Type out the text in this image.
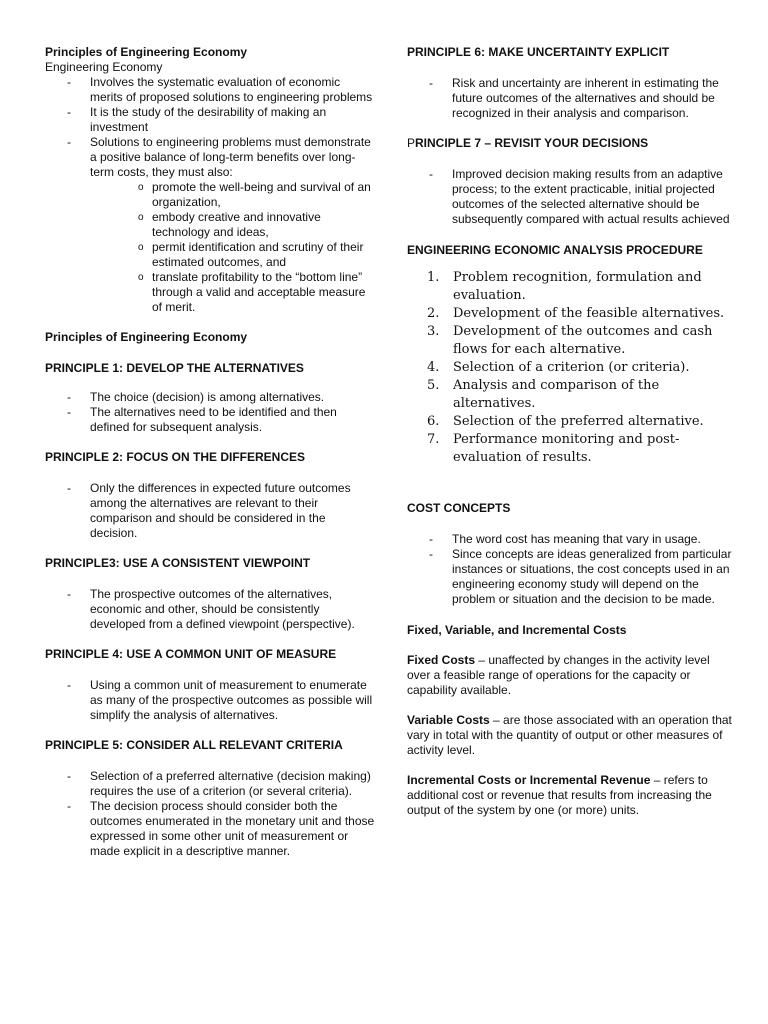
Principles of Engineering Economy

Engineering Economy

- Involves the systematic evaluation of economic merits of proposed solutions to engineering problems
- It is the study of the desirability of making an investment
- Solutions to engineering problems must demonstrate a positive balance of long-term benefits over long-term costs, they must also:
o promote the well-being and survival of an organization,
o embody creative and innovative technology and ideas,
o permit identification and scrutiny of their estimated outcomes, and
o translate profitability to the “bottom line” through a valid and acceptable measure of merit.

Principles of Engineering Economy

PRINCIPLE 1: DEVELOP THE ALTERNATIVES

- The choice (decision) is among alternatives.
- The alternatives need to be identified and then defined for subsequent analysis.

PRINCIPLE 2: FOCUS ON THE DIFFERENCES

- Only the differences in expected future outcomes among the alternatives are relevant to their comparison and should be considered in the decision.

PRINCIPLE3: USE A CONSISTENT VIEWPOINT

- The prospective outcomes of the alternatives, economic and other, should be consistently developed from a defined viewpoint (perspective).

PRINCIPLE 4: USE A COMMON UNIT OF MEASURE

- Using a common unit of measurement to enumerate as many of the prospective outcomes as possible will simplify the analysis of alternatives.

PRINCIPLE 5: CONSIDER ALL RELEVANT CRITERIA

- Selection of a preferred alternative (decision making) requires the use of a criterion (or several criteria).
- The decision process should consider both the outcomes enumerated in the monetary unit and those expressed in some other unit of measurement or made explicit in a descriptive manner.

PRINCIPLE 6: MAKE UNCERTAINTY EXPLICIT

- Risk and uncertainty are inherent in estimating the future outcomes of the alternatives and should be recognized in their analysis and comparison.

PRINCIPLE 7 – REVISIT YOUR DECISIONS

- Improved decision making results from an adaptive process; to the extent practicable, initial projected outcomes of the selected alternative should be subsequently compared with actual results achieved

ENGINEERING ECONOMIC ANALYSIS PROCEDURE

1. Problem recognition, formulation and evaluation.
2. Development of the feasible alternatives.
3. Development of the outcomes and cash flows for each alternative.
4. Selection of a criterion (or criteria).
5. Analysis and comparison of the alternatives.
6. Selection of the preferred alternative.
7. Performance monitoring and post-evaluation of results.

COST CONCEPTS

- The word cost has meaning that vary in usage.
- Since concepts are ideas generalized from particular instances or situations, the cost concepts used in an engineering economy study will depend on the problem or situation and the decision to be made.

Fixed, Variable, and Incremental Costs

Fixed Costs – unaffected by changes in the activity level over a feasible range of operations for the capacity or capability available.

Variable Costs – are those associated with an operation that vary in total with the quantity of output or other measures of activity level.

Incremental Costs or Incremental Revenue – refers to additional cost or revenue that results from increasing the output of the system by one (or more) units.
